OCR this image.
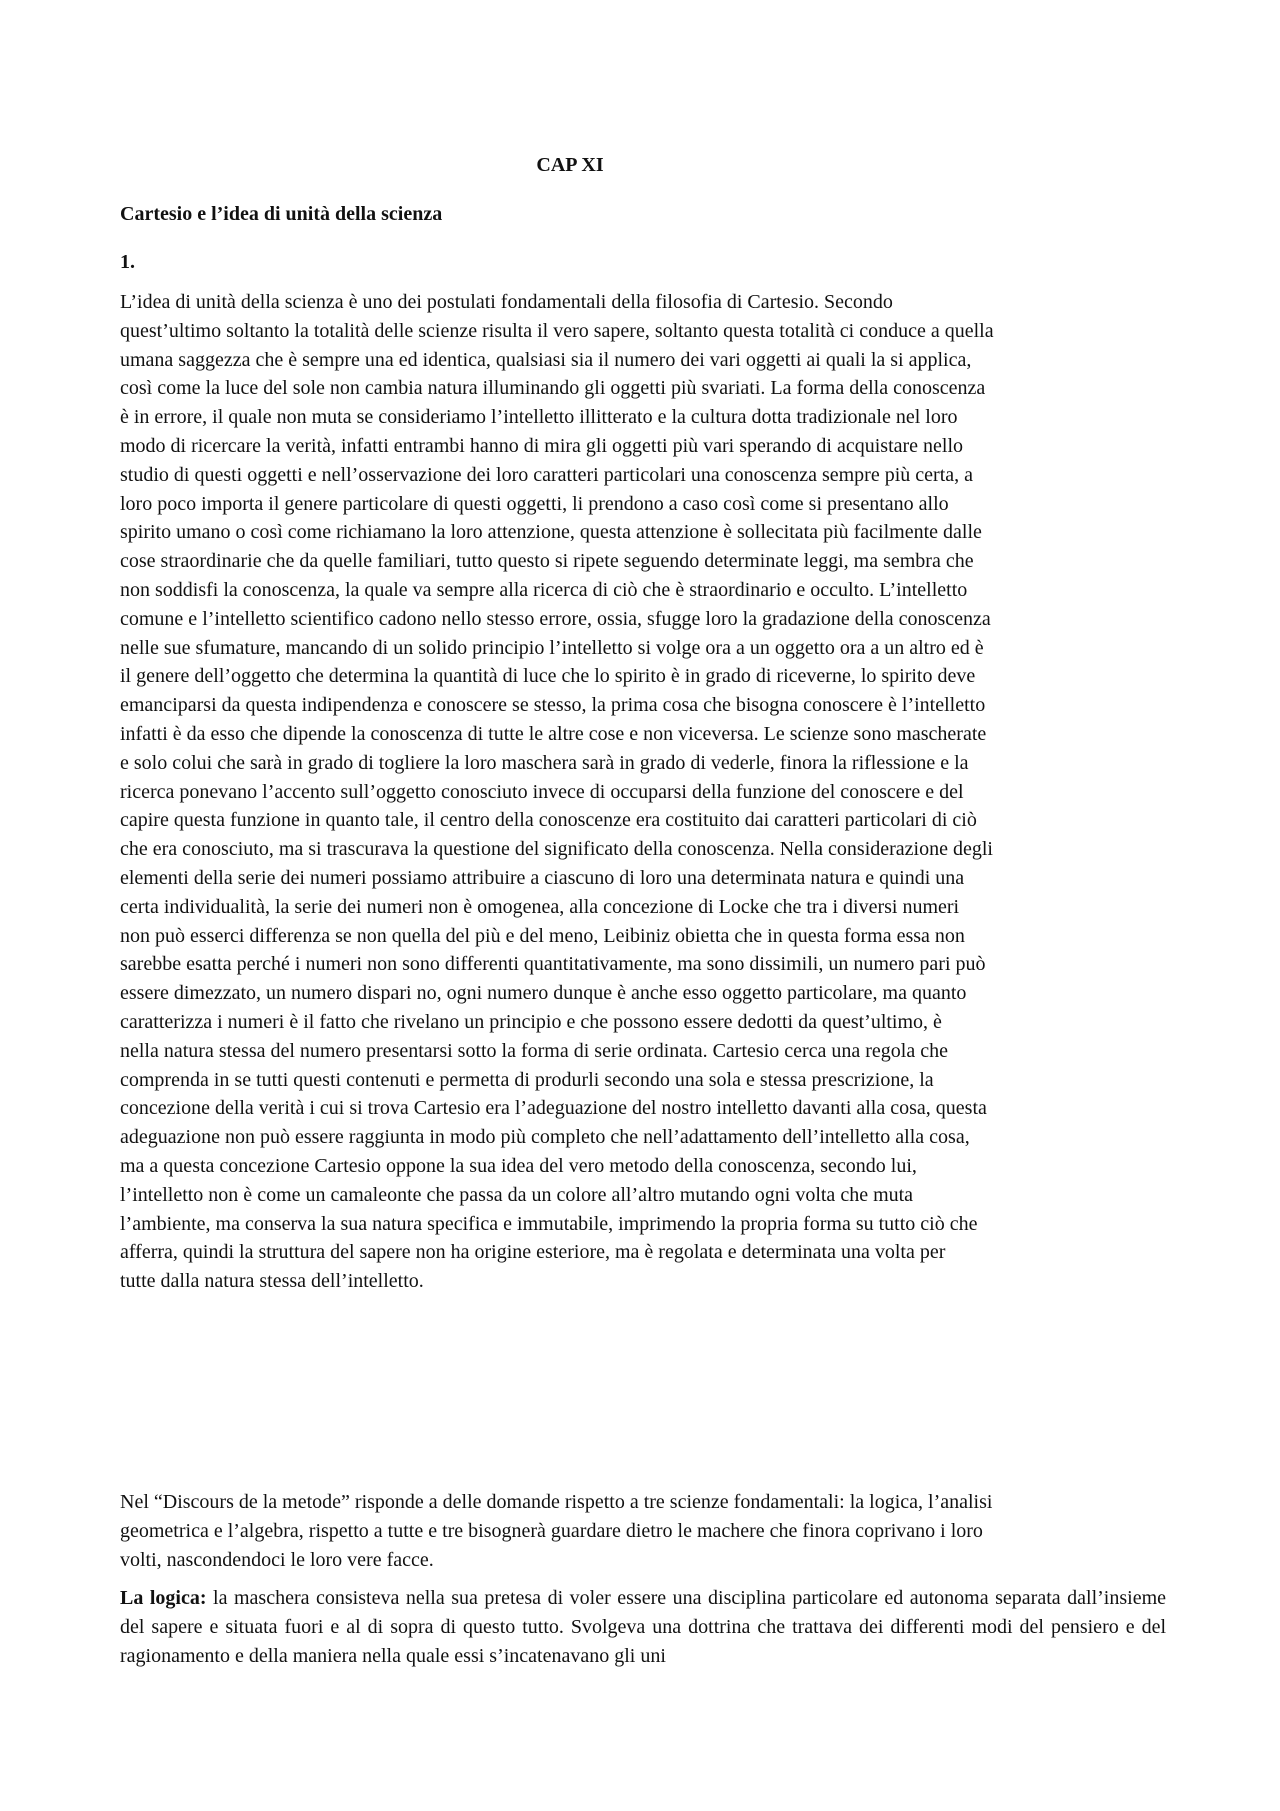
CAP XI
Cartesio e l’idea di unità della scienza
1.

L’idea di unità della scienza è uno dei postulati fondamentali della filosofia di Cartesio. Secondo
quest’ultimo soltanto la totalità delle scienze risulta il vero sapere, soltanto questa totalità ci conduce a quella
umana saggezza che è sempre una ed identica, qualsiasi sia il numero dei vari oggetti ai quali la si applica,
così come la luce del sole non cambia natura illuminando gli oggetti più svariati. La forma della conoscenza
è in errore, il quale non muta se consideriamo l’intelletto illitterato e la cultura dotta tradizionale nel loro
modo di ricercare la verità, infatti entrambi hanno di mira gli oggetti più vari sperando di acquistare nello
studio di questi oggetti e nell’osservazione dei loro caratteri particolari una conoscenza sempre più certa, a
loro poco importa il genere particolare di questi oggetti, li prendono a caso così come si presentano allo
spirito umano o così come richiamano la loro attenzione, questa attenzione è sollecitata più facilmente dalle
cose straordinarie che da quelle familiari, tutto questo si ripete seguendo determinate leggi, ma sembra che
non soddisfi la conoscenza, la quale va sempre alla ricerca di ciò che è straordinario e occulto. L’intelletto
comune e l’intelletto scientifico cadono nello stesso errore, ossia, sfugge loro la gradazione della conoscenza
nelle sue sfumature, mancando di un solido principio l’intelletto si volge ora a un oggetto ora a un altro ed è
il genere dell’oggetto che determina la quantità di luce che lo spirito è in grado di riceverne, lo spirito deve
emanciparsi da questa indipendenza e conoscere se stesso, la prima cosa che bisogna conoscere è l’intelletto
infatti è da esso che dipende la conoscenza di tutte le altre cose e non viceversa. Le scienze sono mascherate
e solo colui che sarà in grado di togliere la loro maschera sarà in grado di vederle, finora la riflessione e la
ricerca ponevano l’accento sull’oggetto conosciuto invece di occuparsi della funzione del conoscere e del
capire questa funzione in quanto tale, il centro della conoscenze era costituito dai caratteri particolari di ciò
che era conosciuto, ma si trascurava la questione del significato della conoscenza. Nella considerazione degli
elementi della serie dei numeri possiamo attribuire a ciascuno di loro una determinata natura e quindi una
certa individualità, la serie dei numeri non è omogenea, alla concezione di Locke che tra i diversi numeri
non può esserci differenza se non quella del più e del meno, Leibiniz obietta che in questa forma essa non
sarebbe esatta perché i numeri non sono differenti quantitativamente, ma sono dissimili, un numero pari può
essere dimezzato, un numero dispari no, ogni numero dunque è anche esso oggetto particolare, ma quanto
caratterizza i numeri è il fatto che rivelano un principio e che possono essere dedotti da quest’ultimo, è
nella natura stessa del numero presentarsi sotto la forma di serie ordinata. Cartesio cerca una regola che
comprenda in se tutti questi contenuti e permetta di produrli secondo una sola e stessa prescrizione, la
concezione della verità i cui si trova Cartesio era l’adeguazione del nostro intelletto davanti alla cosa, questa
adeguazione non può essere raggiunta in modo più completo che nell’adattamento dell’intelletto alla cosa,
ma a questa concezione Cartesio oppone la sua idea del vero metodo della conoscenza, secondo lui,
l’intelletto non è come un camaleonte che passa da un colore all’altro mutando ogni volta che muta
l’ambiente, ma conserva la sua natura specifica e immutabile, imprimendo la propria forma su tutto ciò che
afferra, quindi la struttura del sapere non ha origine esteriore, ma è regolata e determinata una volta per
tutte dalla natura stessa dell’intelletto.

Nel “Discours de la metode” risponde a delle domande rispetto a tre scienze fondamentali: la logica, l’analisi
geometrica e l’algebra, rispetto a tutte e tre bisognerà guardare dietro le machere che finora coprivano i loro
volti, nascondendoci le loro vere facce.

La logica: la maschera consisteva nella sua pretesa di voler essere una disciplina particolare ed autonoma separata dall’insieme del sapere e situata fuori e al di sopra di questo tutto. Svolgeva una dottrina che trattava dei differenti modi del pensiero e del ragionamento e della maniera nella quale essi s’incatenavano gli uni
